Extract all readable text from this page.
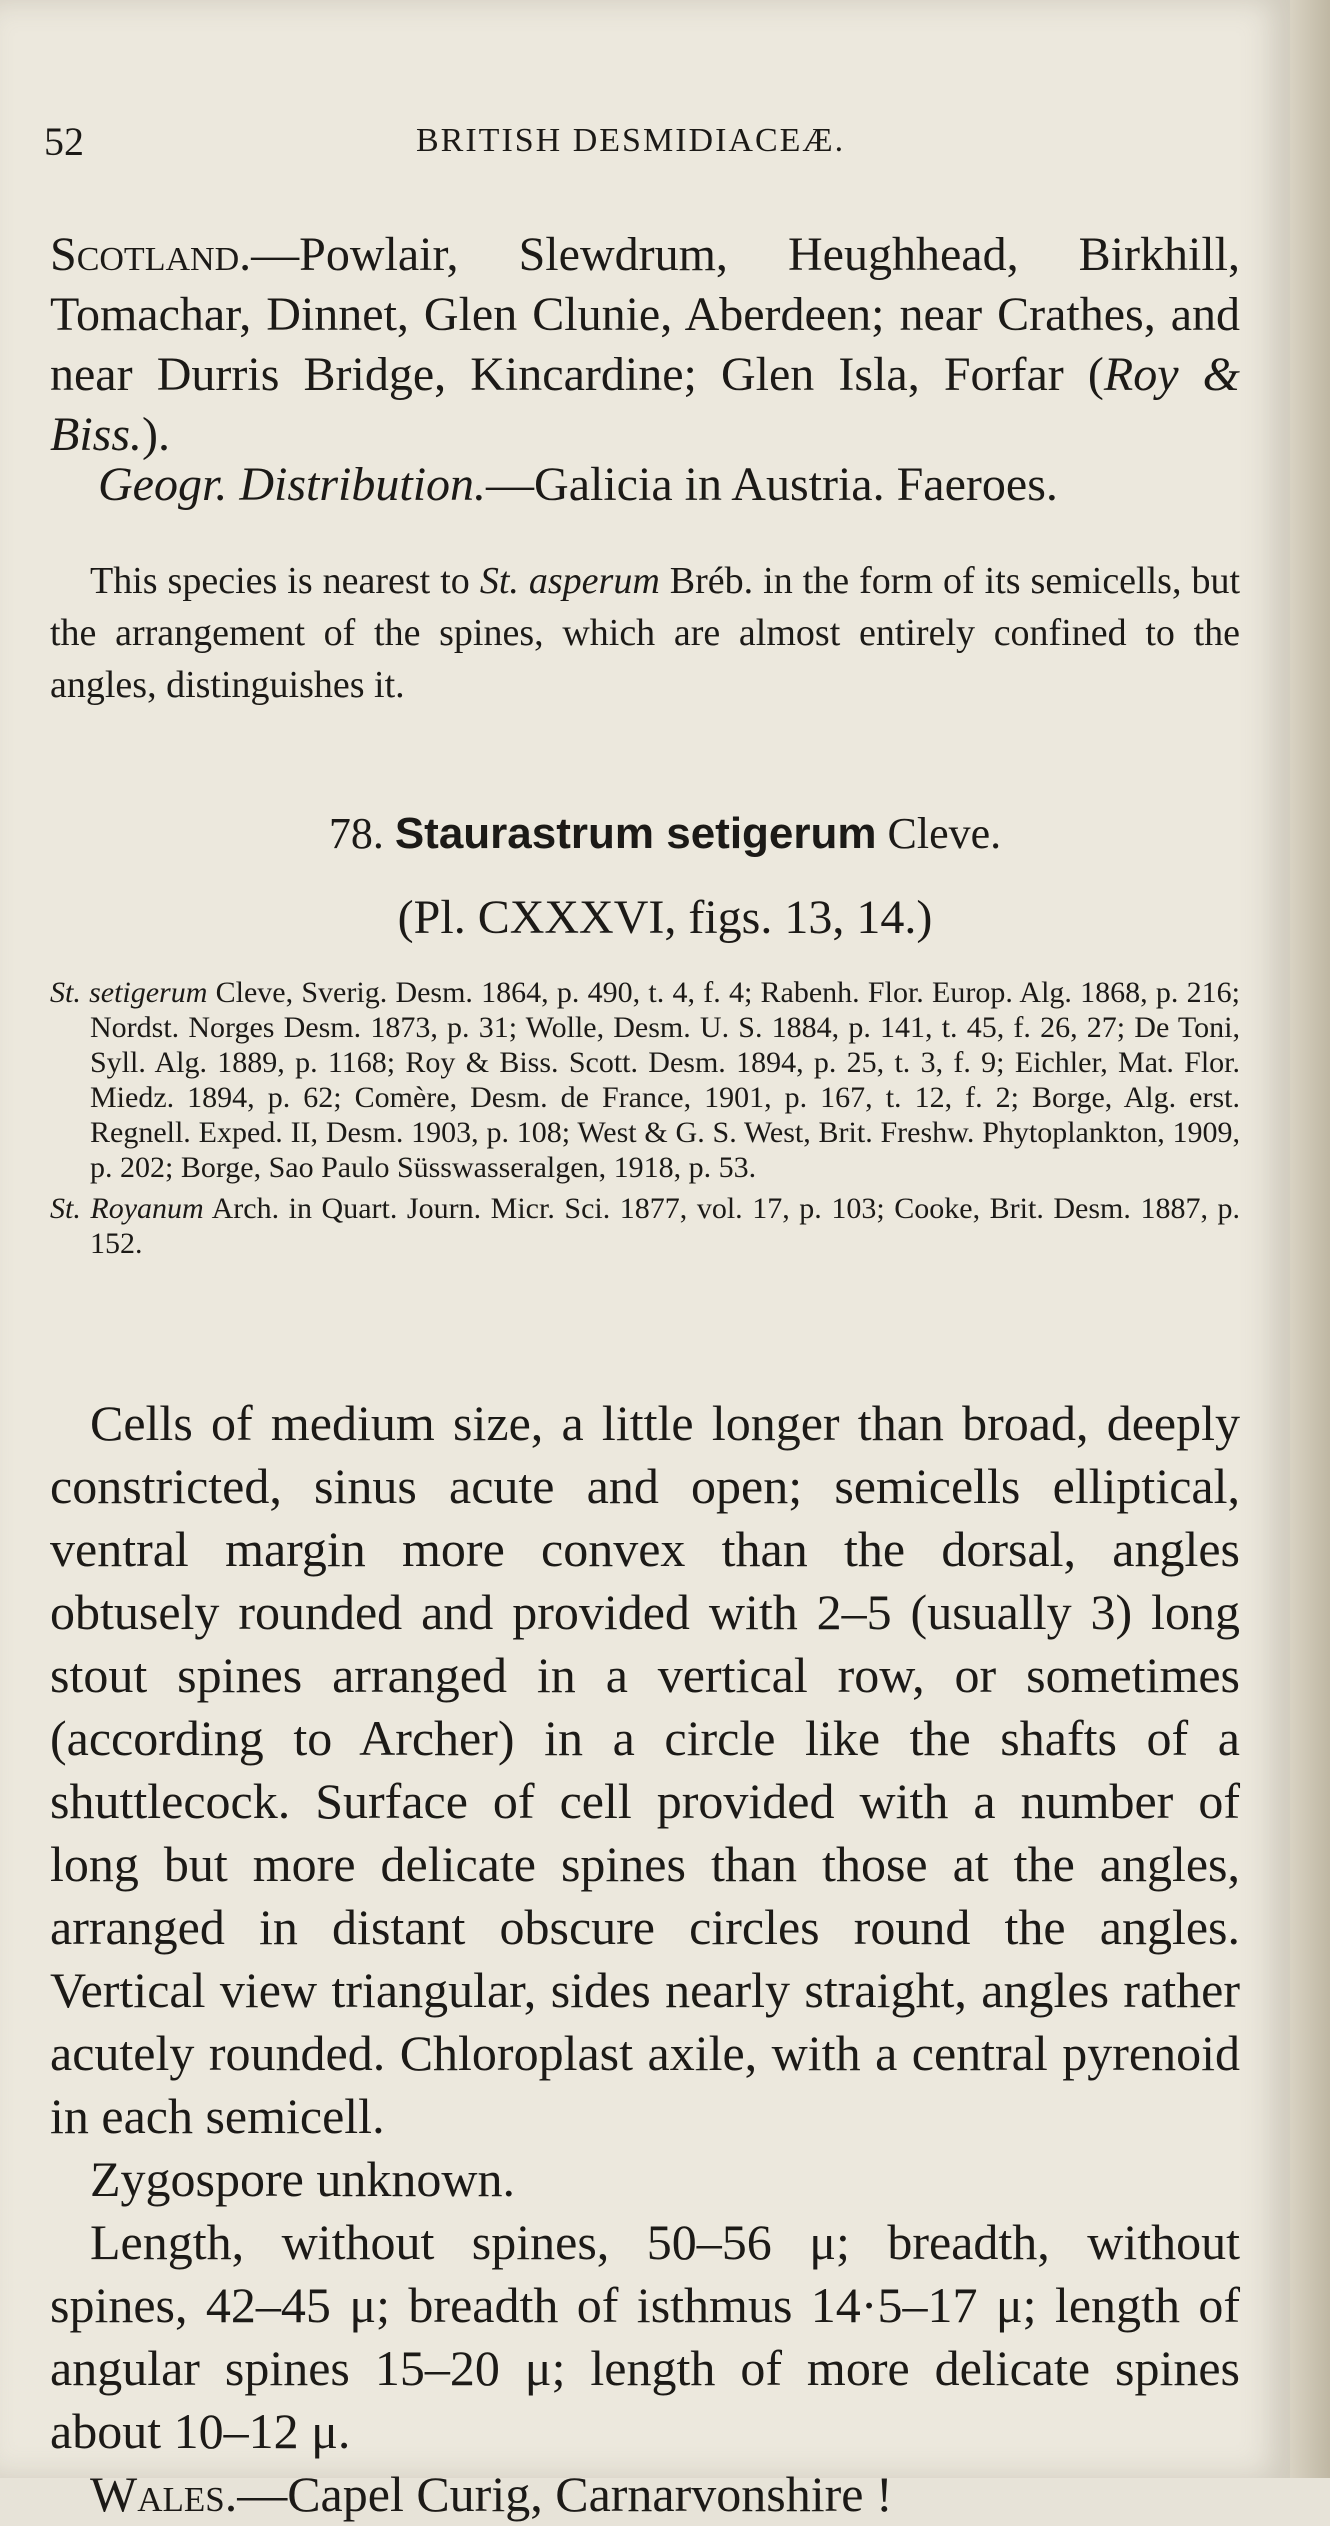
52	BRITISH DESMIDIACEÆ.
Scotland.—Powlair, Slewdrum, Heughhead, Birkhill, Tomachar, Dinnet, Glen Clunie, Aberdeen; near Crathes, and near Durris Bridge, Kincardine; Glen Isla, Forfar (Roy & Biss.).
Geogr. Distribution.—Galicia in Austria. Faeroes.
This species is nearest to St. asperum Bréb. in the form of its semicells, but the arrangement of the spines, which are almost entirely confined to the angles, distinguishes it.
78. Staurastrum setigerum Cleve.
(Pl. CXXXVI, figs. 13, 14.)
St. setigerum Cleve, Sverig. Desm. 1864, p. 490, t. 4, f. 4; Rabenh. Flor. Europ. Alg. 1868, p. 216; Nordst. Norges Desm. 1873, p. 31; Wolle, Desm. U. S. 1884, p. 141, t. 45, f. 26, 27; De Toni, Syll. Alg. 1889, p. 1168; Roy & Biss. Scott. Desm. 1894, p. 25, t. 3, f. 9; Eichler, Mat. Flor. Miedz. 1894, p. 62; Comère, Desm. de France, 1901, p. 167, t. 12, f. 2; Borge, Alg. erst. Regnell. Exped. II, Desm. 1903, p. 108; West & G. S. West, Brit. Freshw. Phytoplankton, 1909, p. 202; Borge, Sao Paulo Süsswasseralgen, 1918, p. 53.
St. Royanum Arch. in Quart. Journ. Micr. Sci. 1877, vol. 17, p. 103; Cooke, Brit. Desm. 1887, p. 152.

Cells of medium size, a little longer than broad, deeply constricted, sinus acute and open; semicells elliptical, ventral margin more convex than the dorsal, angles obtusely rounded and provided with 2–5 (usually 3) long stout spines arranged in a vertical row, or sometimes (according to Archer) in a circle like the shafts of a shuttlecock. Surface of cell provided with a number of long but more delicate spines than those at the angles, arranged in distant obscure circles round the angles. Vertical view triangular, sides nearly straight, angles rather acutely rounded. Chloroplast axile, with a central pyrenoid in each semicell.

Zygospore unknown.

Length, without spines, 50–56 μ; breadth, without spines, 42–45 μ; breadth of isthmus 14·5–17 μ; length of angular spines 15–20 μ; length of more delicate spines about 10–12 μ.

Wales.—Capel Curig, Carnarvonshire !
